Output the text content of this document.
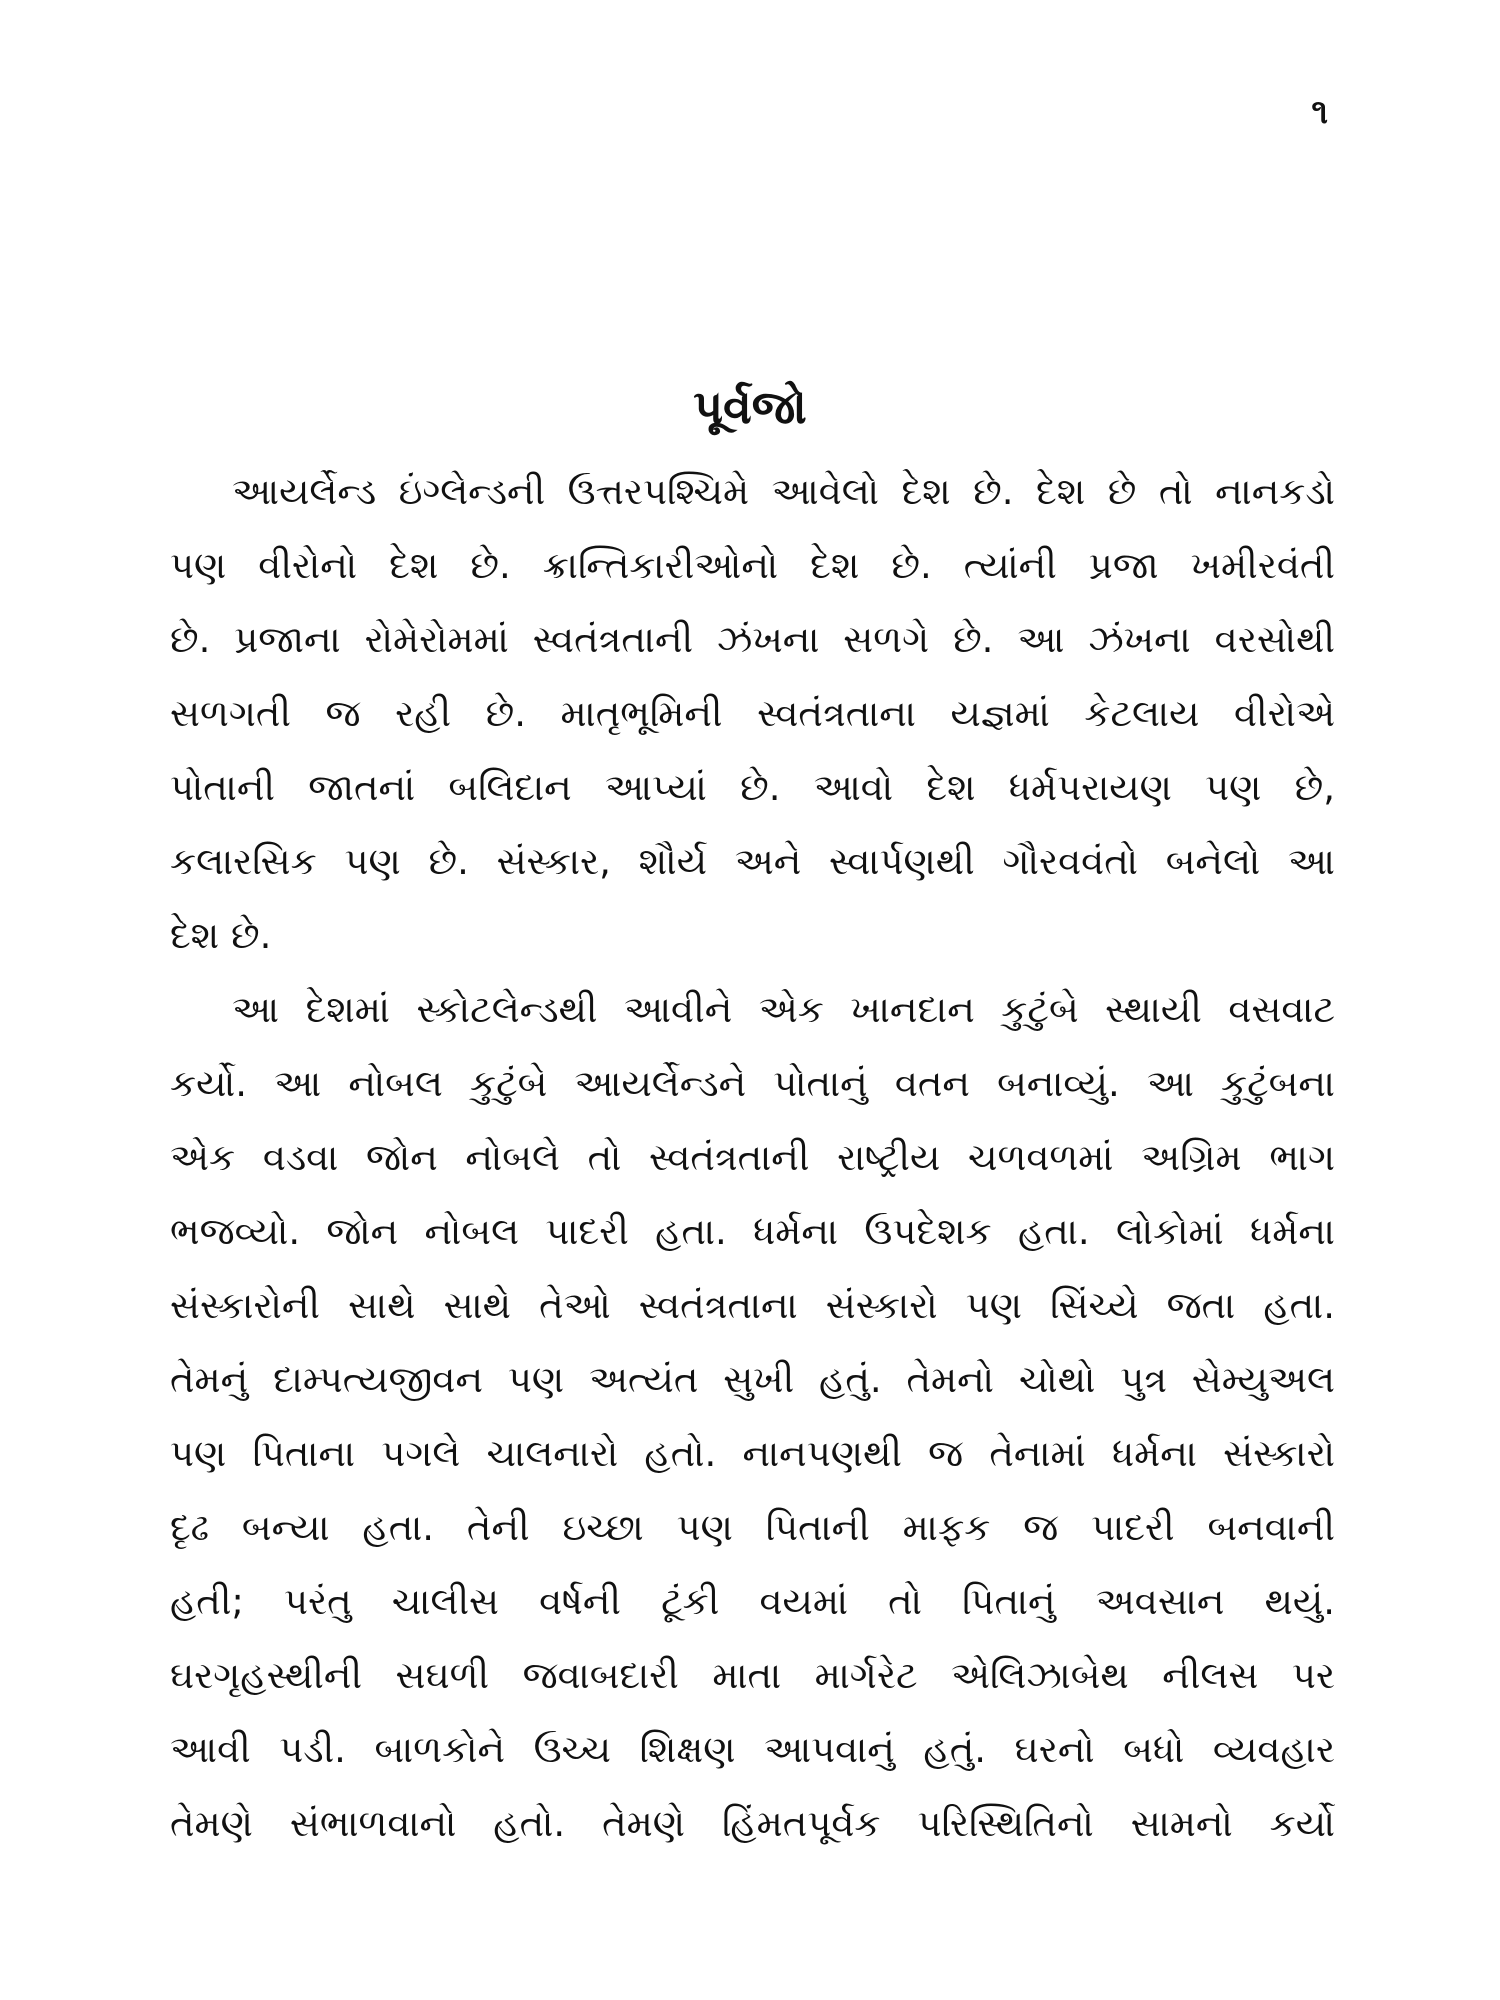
૧
પૂર્વજો
આયર્લેન્ડ ઇંગ્લેન્ડની ઉત્તરપશ્ચિમે આવેલો દેશ છે. દેશ છે તો નાનકડો
પણ વીરોનો દેશ છે. ક્રાન્તિકારીઓનો દેશ છે. ત્યાંની પ્રજા ખમીરવંતી
છે. પ્રજાના રોમેરોમમાં સ્વતંત્રતાની ઝંખના સળગે છે. આ ઝંખના વરસોથી
સળગતી જ રહી છે. માતૃભૂમિની સ્વતંત્રતાના યજ્ઞમાં કેટલાય વીરોએ
પોતાની જાતનાં બલિદાન આપ્યાં છે. આવો દેશ ધર્મપરાયણ પણ છે,
કલારસિક પણ છે. સંસ્કાર, શૌર્ય અને સ્વાર્પણથી ગૌરવવંતો બનેલો આ
દેશ છે.
આ દેશમાં સ્કોટલેન્ડથી આવીને એક ખાનદાન કુટુંબે સ્થાયી વસવાટ
કર્યો. આ નોબલ કુટુંબે આયર્લેન્ડને પોતાનું વતન બનાવ્યું. આ કુટુંબના
એક વડવા જોન નોબલે તો સ્વતંત્રતાની રાષ્ટ્રીય ચળવળમાં અગ્રિમ ભાગ
ભજવ્યો. જોન નોબલ પાદરી હતા. ધર્મના ઉપદેશક હતા. લોકોમાં ધર્મના
સંસ્કારોની સાથે સાથે તેઓ સ્વતંત્રતાના સંસ્કારો પણ સિંચ્યે જતા હતા.
તેમનું દામ્પત્યજીવન પણ અત્યંત સુખી હતું. તેમનો ચોથો પુત્ર સેમ્યુઅલ
પણ પિતાના પગલે ચાલનારો હતો. નાનપણથી જ તેનામાં ધર્મના સંસ્કારો
દૃઢ બન્યા હતા. તેની ઇચ્છા પણ પિતાની માફક જ પાદરી બનવાની
હતી; પરંતુ ચાલીસ વર્ષની ટૂંકી વયમાં તો પિતાનું અવસાન થયું.
ઘરગૃહસ્થીની સઘળી જવાબદારી માતા માર્ગરેટ એલિઝાબેથ નીલસ પર
આવી પડી. બાળકોને ઉચ્ચ શિક્ષણ આપવાનું હતું. ઘરનો બધો વ્યવહાર
તેમણે સંભાળવાનો હતો. તેમણે હિંમતપૂર્વક પરિસ્થિતિનો સામનો કર્યો
